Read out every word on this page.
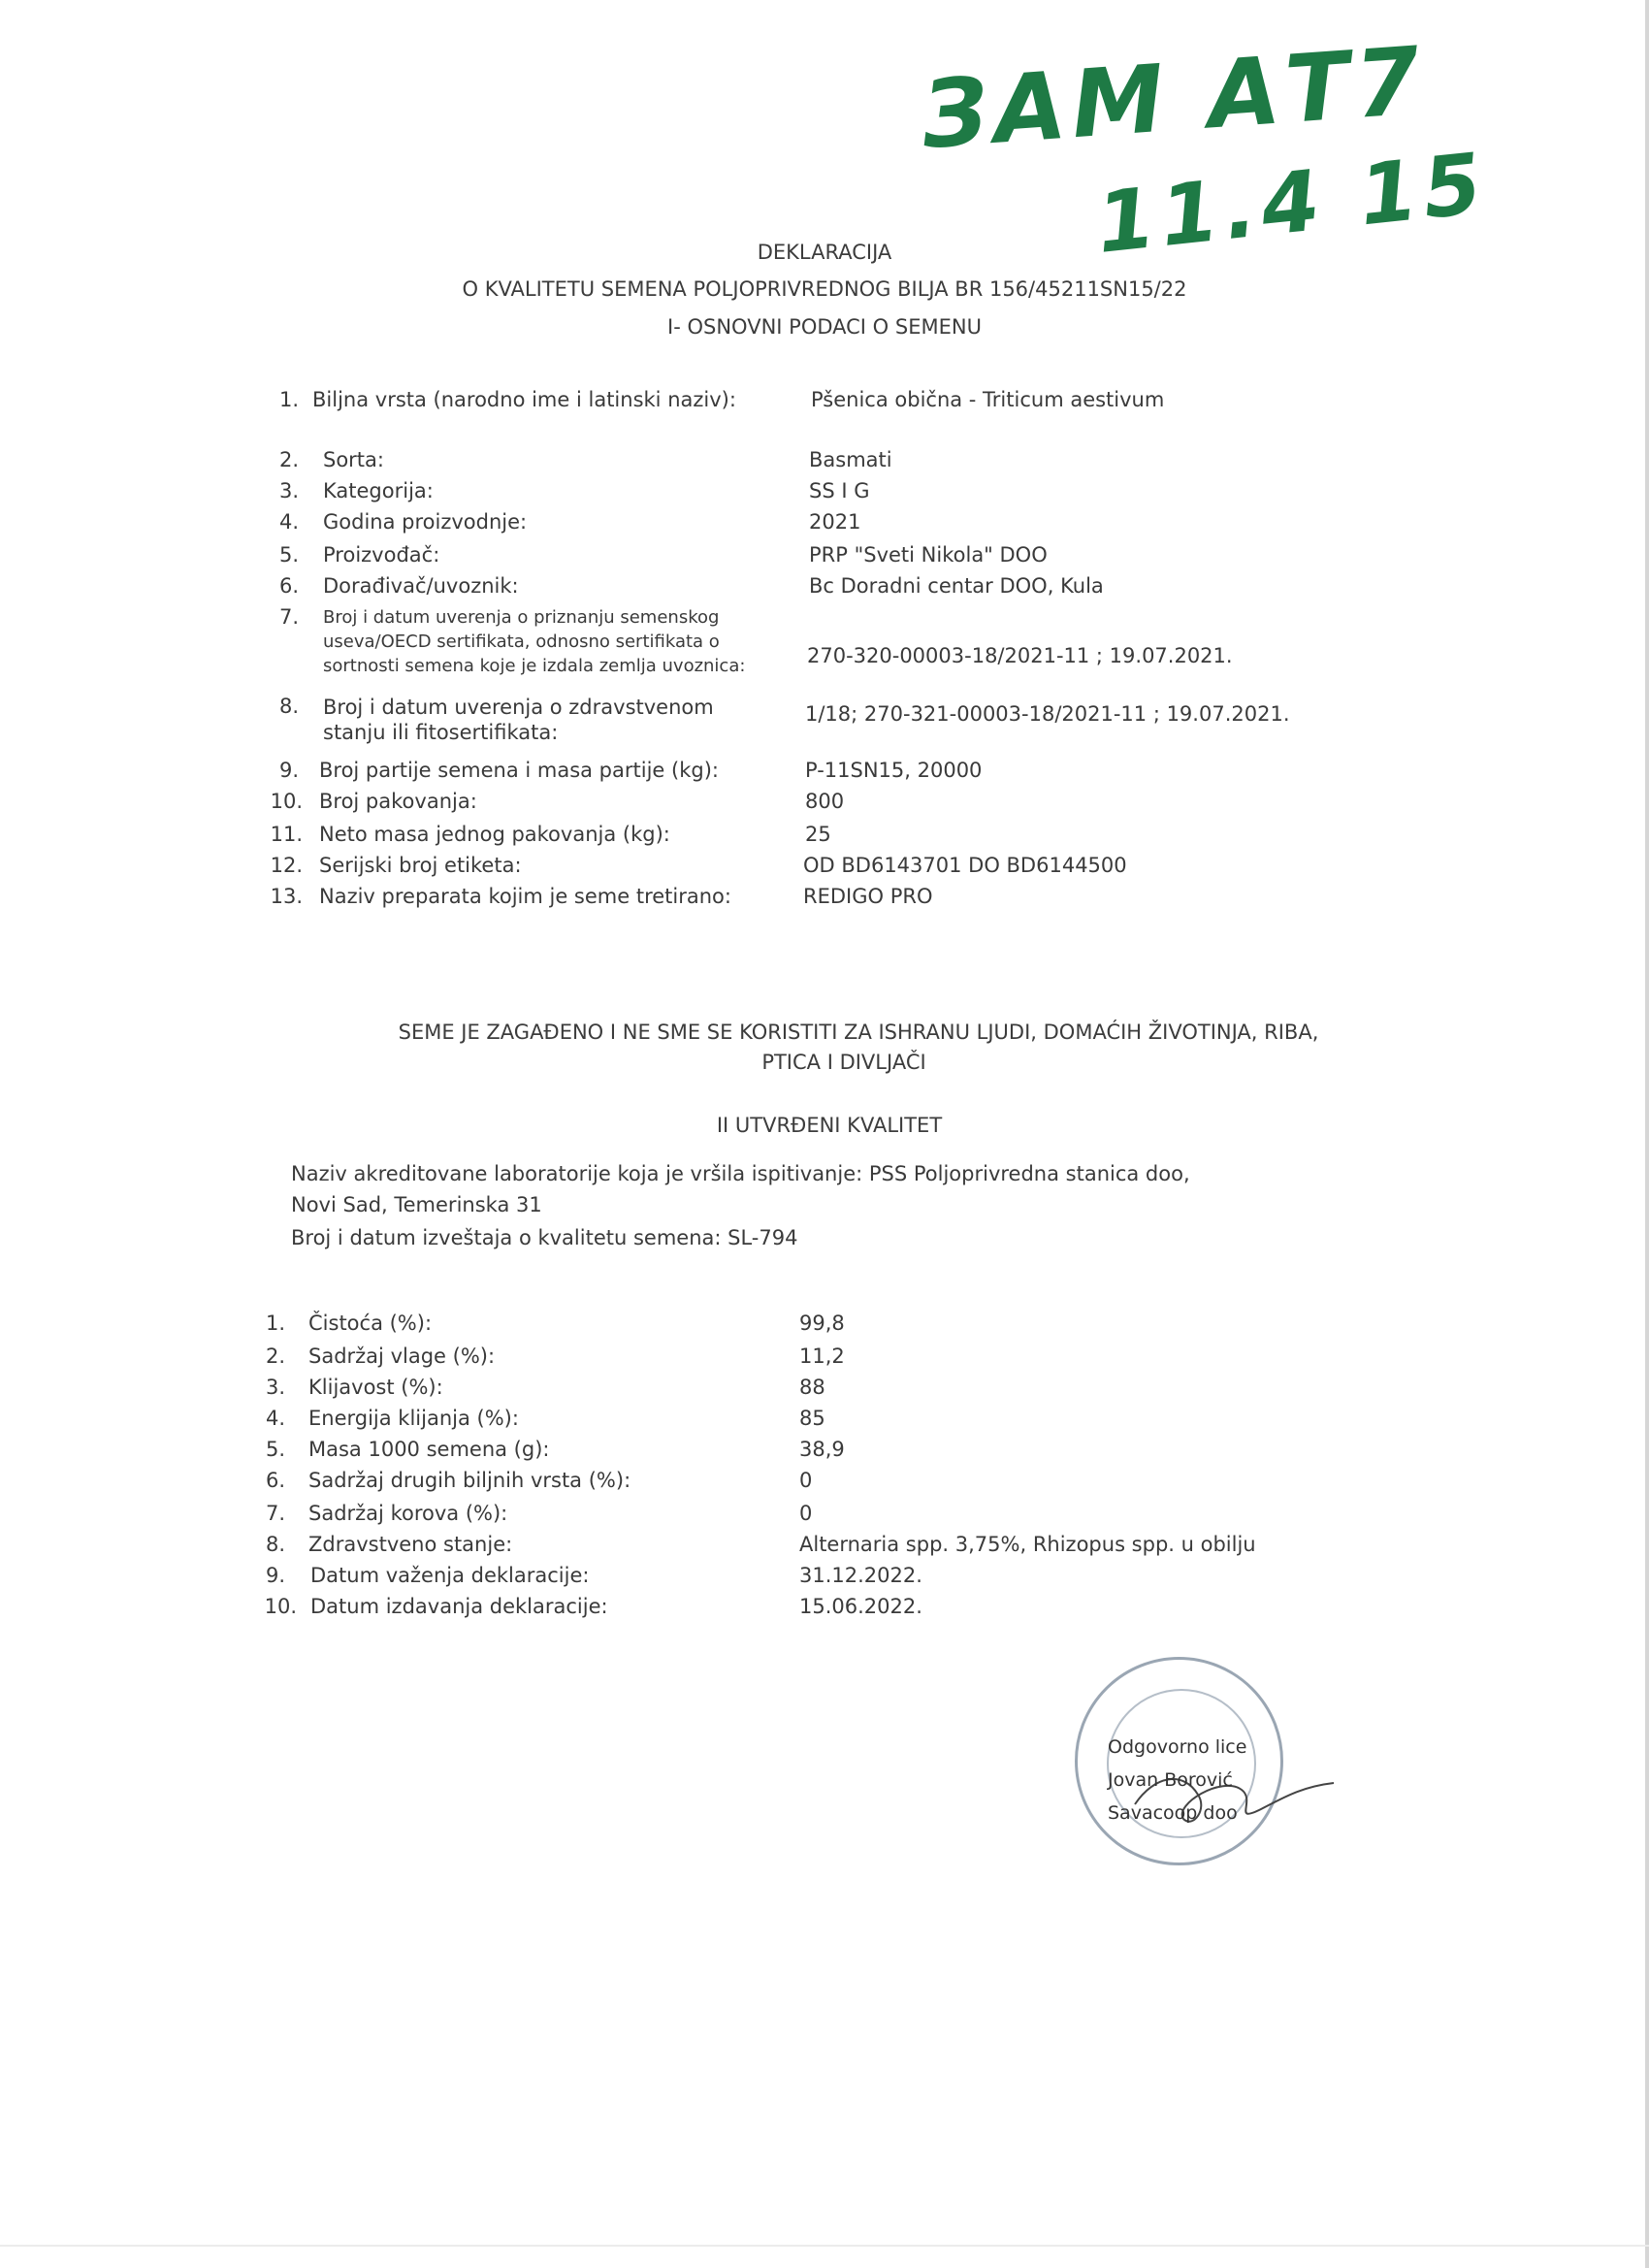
ЗАМ АТ7
11.4 15
DEKLARACIJA
O KVALITETU SEMENA POLJOPRIVREDNOG BILJA BR 156/45211SN15/22
I- OSNOVNI PODACI O SEMENU
1. Biljna vrsta (narodno ime i latinski naziv):	Pšenica obična - Triticum aestivum
2. Sorta:	Basmati
3. Kategorija:	SS I G
4. Godina proizvodnje:	2021
5. Proizvođač:	PRP "Sveti Nikola" DOO
6. Dorađivač/uvoznik:	Bc Doradni centar DOO, Kula
7. Broj i datum uverenja o priznanju semenskog useva/OECD sertifikata, odnosno sertifikata o sortnosti semena koje je izdala zemlja uvoznica:	270-320-00003-18/2021-11 ; 19.07.2021.
8. Broj i datum uverenja o zdravstvenom stanju ili fitosertifikata:
1/18; 270-321-00003-18/2021-11 ; 19.07.2021.
9. Broj partije semena i masa partije (kg):	P-11SN15, 20000
10. Broj pakovanja:	800
11. Neto masa jednog pakovanja (kg):	25
12. Serijski broj etiketa:	OD BD6143701 DO BD6144500
13. Naziv preparata kojim je seme tretirano:	REDIGO PRO
SEME JE ZAGAĐENO I NE SME SE KORISTITI ZA ISHRANU LJUDI, DOMAĆIH ŽIVOTINJA, RIBA,
PTICA I DIVLJAČI
II UTVRĐENI KVALITET
Naziv akreditovane laboratorije koja je vršila ispitivanje: PSS Poljoprivredna stanica doo,
Novi Sad, Temerinska 31
Broj i datum izveštaja o kvalitetu semena: SL-794
1. Čistoća (%):	99,8
2. Sadržaj vlage (%):	11,2
3. Klijavost (%):	88
4. Energija klijanja (%):	85
5. Masa 1000 semena (g):	38,9
6. Sadržaj drugih biljnih vrsta (%):	0
7. Sadržaj korova (%):	0
8. Zdravstveno stanje:	Alternaria spp. 3,75%, Rhizopus spp. u obilju
9. Datum važenja deklaracije:	31.12.2022.
10. Datum izdavanja deklaracije:	15.06.2022.
Odgovorno lice
Jovan Borović
Savacoop doo
